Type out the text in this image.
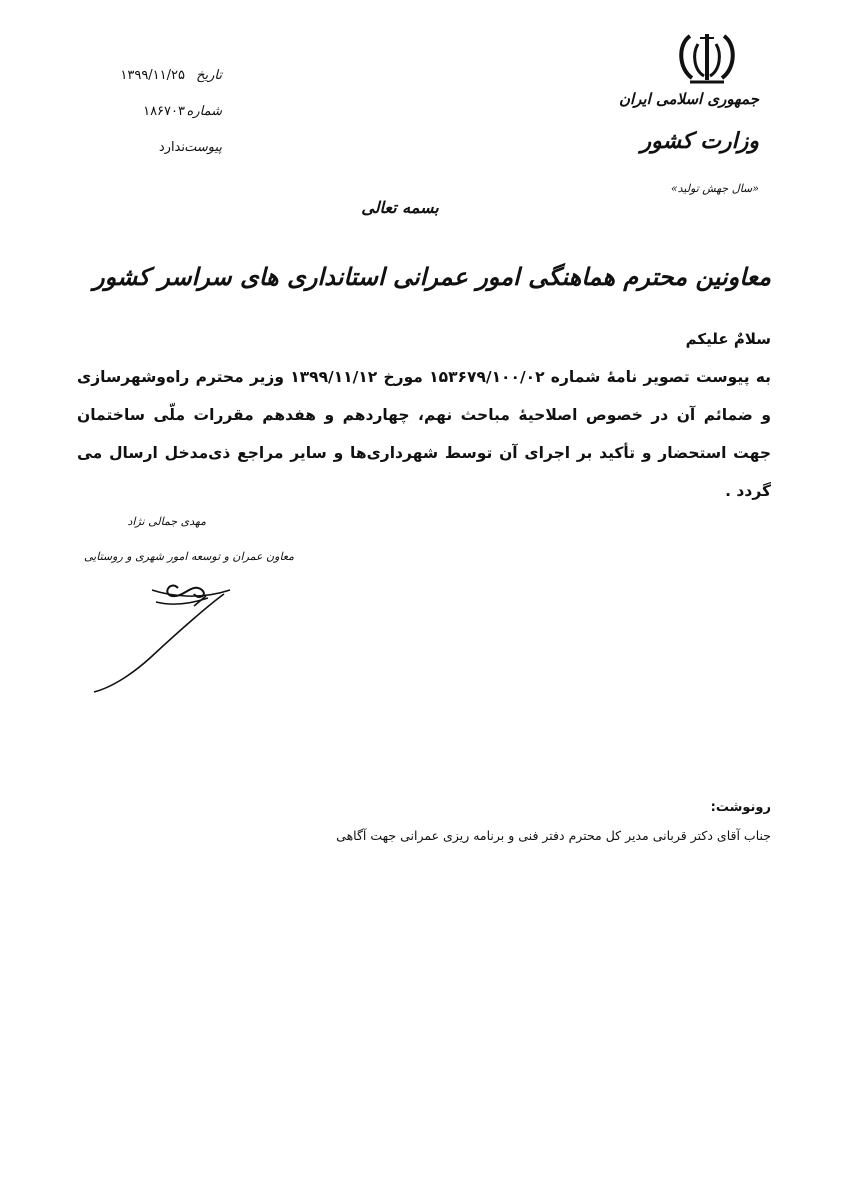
جمهوری اسلامی ایران
وزارت کشور
«سال جهش تولید»
تاریخ
۱۳۹۹/۱۱/۲۵
شماره
۱۸۶۷۰۳
پیوست
ندارد
بسمه تعالی
معاونین محترم هماهنگی امور عمرانی استانداری های سراسر کشور
سلامٌ علیکم
به پیوست تصویر نامهٔ شماره ۱۵۳۶۷۹/۱۰۰/۰۲ مورخ ۱۳۹۹/۱۱/۱۲ وزیر محترم راه‌وشهرسازی و ضمائم آن در خصوص اصلاحیهٔ مباحث نهم، چهاردهم و هفدهم مقررات ملّی ساختمان جهت استحضار و تأکید بر اجرای آن توسط شهرداری‌ها و سایر مراجع ذی‌مدخل ارسال می گردد .
مهدی جمالی نژاد
معاون عمران و توسعه امور شهری و روستایی
رونوشت:
جناب آقای دکتر قربانی مدیر کل محترم دفتر فنی و برنامه ریزی عمرانی جهت آگاهی
